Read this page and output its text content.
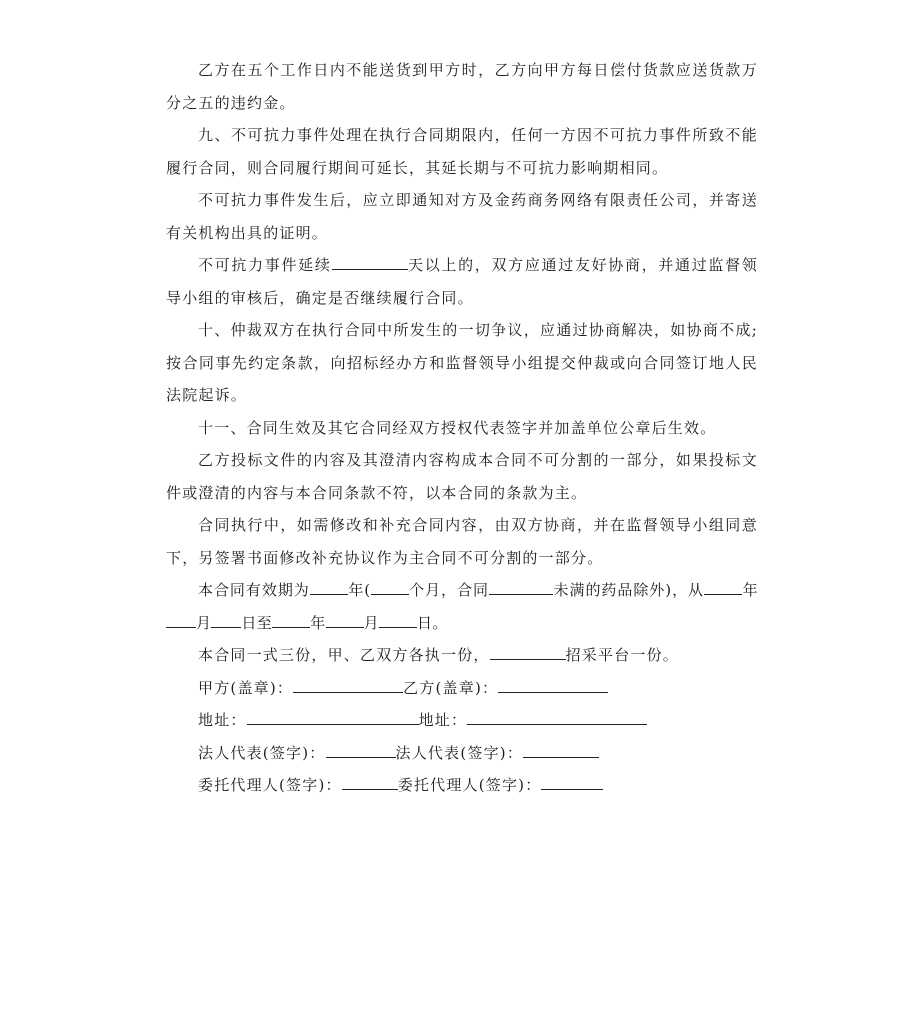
乙方在五个工作日内不能送货到甲方时，乙方向甲方每日偿付货款应送货款万分之五的违约金。

九、不可抗力事件处理在执行合同期限内，任何一方因不可抗力事件所致不能履行合同，则合同履行期间可延长，其延长期与不可抗力影响期相同。

不可抗力事件发生后，应立即通知对方及金药商务网络有限责任公司，并寄送有关机构出具的证明。

不可抗力事件延续	天以上的，双方应通过友好协商，并通过监督领导小组的审核后，确定是否继续履行合同。

十、仲裁双方在执行合同中所发生的一切争议，应通过协商解决，如协商不成;按合同事先约定条款，向招标经办方和监督领导小组提交仲裁或向合同签订地人民法院起诉。

十一、合同生效及其它合同经双方授权代表签字并加盖单位公章后生效。

乙方投标文件的内容及其澄清内容构成本合同不可分割的一部分，如果投标文件或澄清的内容与本合同条款不符，以本合同的条款为主。

合同执行中，如需修改和补充合同内容，由双方协商，并在监督领导小组同意下，另签署书面修改补充协议作为主合同不可分割的一部分。

本合同有效期为	年(	个月，合同	未满的药品除外)，从	年月 日至	年	月	日。

本合同一式三份，甲、乙双方各执一份，	招采平台一份。

甲方(盖章)：	乙方(盖章)：

地址：	地址：

法人代表(签字)：	法人代表(签字)：

委托代理人(签字)：	委托代理人(签字)：
